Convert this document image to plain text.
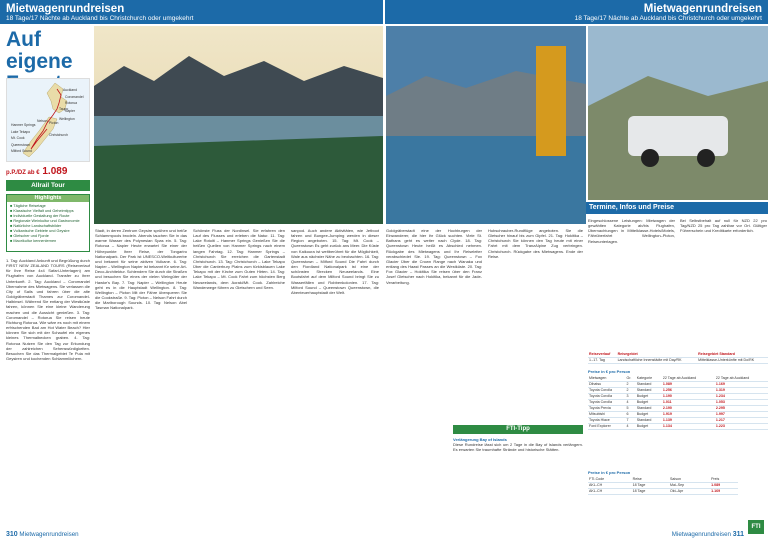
Mietwagenrundreisen
18 Tage/17 Nächte ab Auckland bis Christchurch oder umgekehrt
Mietwagenrundreisen
18 Tage/17 Nächte ab Auckland bis Christchurch oder umgekehrt
Auf eigene
Auckland
Coromandel
Rotorua
Taupo
Napier
Wellington
Picton
Nelson
Hanmer Springs
Christchurch
Lake Tekapo
Mt. Cook
Queenstown
Milford Sound
p.P./DZ ab € 1.089
Allrail Tour
Highlights
■ Tägliche Reisetage
■ Klassische Vielfalt und Geheimtipps
■ Individuelle Gestaltung der Route
■ Regionale Weinkultur und Gastronomie
■ Natürliche Landschaftsbilder
■ Vulkanische Gebiete und Geysire
■ Gletscher und Fjorde
■ Maorikultur kennenlernen
1. Tag: Auckland Ankunft und Begrüßung durch FIRST NEW ZEALAND TOURS (Reiseverlauf für Ihre Reise 4x4 Safari-Unterlagen) am Flughafen von Auckland. Transfer zu Ihrer Unterkunft. 2. Tag: Auckland – Coromandel Übernahme des Mietwagens. Sie verlassen die City of Sails und fahren über die alte Goldgräberstadt Thames zur Coromandel-Halbinsel. Während Sie entlang der Westküste fahren, können Sie eine kleine Wanderung machen und die Aussicht genießen. 3. Tag: Coromandel – Rotorua Sie reisen heute Richtung Rotorua. Wie wäre es noch mit einem erfrischenden Bad am Hot Water Beach? Hier können Sie sich mit der Schaufel ein eigenes kleines Thermalbecken graben. 4. Tag: Rotorua Nutzen Sie den Tag zur Erkundung der zahlreichen Sehenswürdigkeiten. Besuchen Sie das Thermalgebiet Te Puia mit Geysiren und kochenden Schlammlöchern.
Stadt, in deren Zentrum Geysire sprühen und heiße Schlammpools brodeln. Abends tauchen Sie in das warme Wasser des Polynesian Spas ein. 5. Tag: Rotorua – Napier Heute erwartet Sie einer der Höhepunkte Ihrer Reise, der Tongariro Nationalpark. Der Park ist UNESCO-Weltkulturerbe und bekannt für seine aktiven Vulkane. 6. Tag: Napier – Wellington Napier ist bekannt für seine Art-Deco-Architektur. Schlendern Sie durch die Straßen und besuchen Sie eines der vielen Weingüter der Hawke's Bay. 7. Tag: Napier – Wellington Heute geht es in die Hauptstadt Wellington. 8. Tag: Wellington – Picton Mit der Fähre überqueren Sie die Cookstraße. 9. Tag: Picton – Nelson Fahrt durch die Marlborough Sounds. 10. Tag: Nelson Abel Tasman Nationalpark.
Schönste Fluss der Nordinsel. Sie erfahren den Lauf des Flusses und erleben die Natur. 11. Tag: Lake Rotoiti – Hanmer Springs Genießen Sie die heißen Quellen von Hanmer Springs nach einem langen Fahrtag. 12. Tag: Hanmer Springs – Christchurch Sie erreichen die Gartenstadt Christchurch. 13. Tag: Christchurch – Lake Tekapo Über die Canterbury Plains zum türkisblauen Lake Tekapo mit der Kirche zum Guten Hirten. 14. Tag: Lake Tekapo – Mt. Cook Fahrt zum höchsten Berg Neuseelands, dem Aoraki/Mt. Cook. Zahlreiche Wanderwege führen zu Gletschern und Seen.
sanpod. Auch andere Aktivitäten, wie Jetboot fahren und Bungee-Jumping werden in dieser Region angeboten. 15. Tag: Mt. Cook – Queenstown Es geht zurück ans Meer. Die Küste von Kaikoura ist weltberühmt für die Möglichkeit, Wale aus nächster Nähe zu beobachten. 16. Tag: Queenstown – Milford Sound Die Fahrt durch den Fiordland Nationalpark ist eine der schönsten Strecken Neuseelands. Eine Bootsfahrt auf dem Milford Sound bringt Sie zu Wasserfällen und Robbenkolonien. 17. Tag: Milford Sound – Queenstown Queenstown, die Abenteuerhauptstadt der Welt.
Goldgräberstadt eine der Hochburgen der Einwanderer, die hier ihr Glück suchten. Viele St. Bathans geht es weiter nach Clyde. 18. Tag: Queenstown Heute heißt es Abschied nehmen. Rückgabe des Mietwagens und Ihr Reiseleiter verabschiedet Sie. 19. Tag: Queenstown – Fox Glacier Über die Crown Range nach Wanaka und entlang des Haast Passes an die Westküste. 20. Tag: Fox Glacier – Hokitika Sie reisen über den Franz Josef Gletscher nach Hokitika, bekannt für die Jade-Verarbeitung.
Hubschrauber-Rundflüge angeboten. Sie die Gletscher hinauf bis zum Gipfel. 21. Tag: Hokitika – Christchurch Sie können den Tag heute mit einer Fahrt mit dem TranzAlpine Zug verbringen. Christchurch. Rückgabe des Mietwagens. Ende der Reise.
FTI-Tipp
Verlängerung Bay of Islands
Diese Rundreise lässt sich um 2 Tage in die Bay of Islands verlängern. Es erwarten Sie traumhafte Strände und historische Stätten.
Termine, Infos und Preise
Eingeschlossene Leistungen: Mietwagen der gewählten Kategorie ab/bis Flughafen, Übernachtungen in Mittelklasse-Hotels/Motels, Fährüberfahrt Wellington–Picton, Reiseunterlagen.
Bei Selbstbehalt auf null für NZD 22 pro Tag/NZD 25 pro Tag zahlbar vor Ort. Gültiger Führerschein und Kreditkarte erforderlich.
Reiseverlauf	Reisegebiet	Reisegebiet Standard
1.-17. Tag	Landschaftliche Innenstädte mit Day/RK	Mittelklasse-Unterkünfte mit Do/RK
Preise in € pro Person
Mietwagen	Gr.	Kategorie	22 Tage ab Auckland	22 Tage ab Auckland
Dihatsu	2	Standard	1.089	1.169
Toyota Corolla	2	Standard	1.256	1.319
Toyota Corolla	3	Budget	1.190	1.234
Toyota Corolla	4	Budget	1.011	1.053
Toyota Previa	5	Standard	2.190	2.295
Mitsubishi	6	Budget	1.919	1.997
Toyota Hiace	7	Standard	1.139	1.217
Ford Explorer	4	Budget	1.134	1.223
Preise in € pro Person
FTI-Code	Reise	Saison	Preis
AKL-CH	18 Tage	Mai–Sep	1.089
AKL-CH	18 Tage	Okt–Apr	1.169
310 Mietwagenrundreisen	Mietwagenrundreisen 311
FTI
